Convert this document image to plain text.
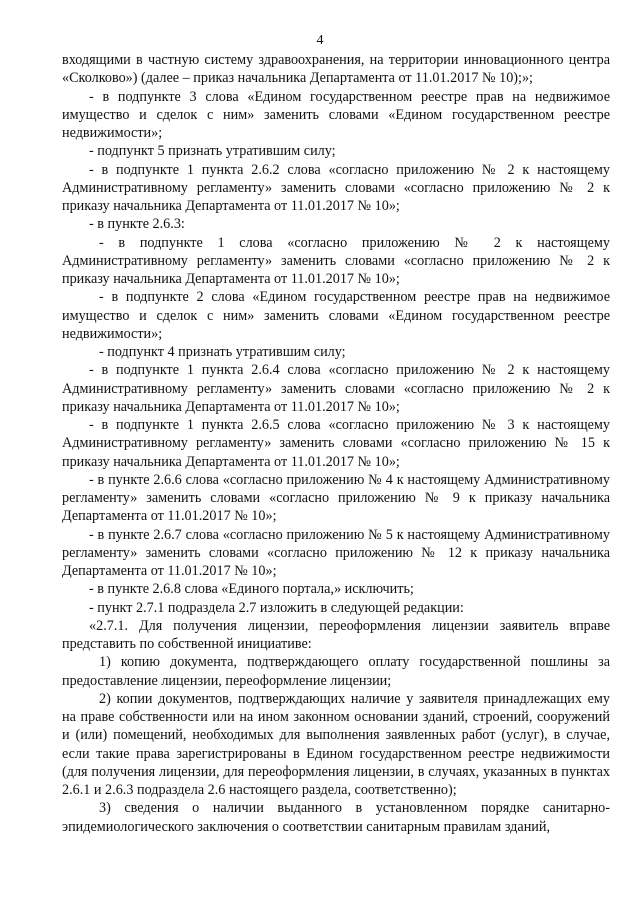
4

входящими в частную систему здравоохранения, на территории инновационного центра «Сколково») (далее – приказ начальника Департамента от 11.01.2017 № 10);»;

- в подпункте 3 слова «Едином государственном реестре прав на недвижимое имущество и сделок с ним» заменить словами «Едином государственном реестре недвижимости»;

- подпункт 5 признать утратившим силу;

- в подпункте 1 пункта 2.6.2 слова «согласно приложению № 2 к настоящему Административному регламенту» заменить словами «согласно приложению № 2 к приказу начальника Департамента от 11.01.2017 № 10»;

- в пункте 2.6.3:

- в подпункте 1 слова «согласно приложению № 2 к настоящему Административному регламенту» заменить словами «согласно приложению № 2 к приказу начальника Департамента от 11.01.2017 № 10»;

- в подпункте 2 слова «Едином государственном реестре прав на недвижимое имущество и сделок с ним» заменить словами «Едином государственном реестре недвижимости»;

- подпункт 4 признать утратившим силу;

- в подпункте 1 пункта 2.6.4 слова «согласно приложению № 2 к настоящему Административному регламенту» заменить словами «согласно приложению № 2 к приказу начальника Департамента от 11.01.2017 № 10»;

- в подпункте 1 пункта 2.6.5 слова «согласно приложению № 3 к настоящему Административному регламенту» заменить словами «согласно приложению № 15 к приказу начальника Департамента от 11.01.2017 № 10»;

- в пункте 2.6.6 слова «согласно приложению № 4 к настоящему Административному регламенту» заменить словами «согласно приложению № 9 к приказу начальника Департамента от 11.01.2017 № 10»;

- в пункте 2.6.7 слова «согласно приложению № 5 к настоящему Административному регламенту» заменить словами «согласно приложению № 12 к приказу начальника Департамента от 11.01.2017 № 10»;

- в пункте 2.6.8 слова «Единого портала,» исключить;

- пункт 2.7.1 подраздела 2.7 изложить в следующей редакции:

«2.7.1. Для получения лицензии, переоформления лицензии заявитель вправе представить по собственной инициативе:

1) копию документа, подтверждающего оплату государственной пошлины за предоставление лицензии, переоформление лицензии;

2) копии документов, подтверждающих наличие у заявителя принадлежащих ему на праве собственности или на ином законном основании зданий, строений, сооружений и (или) помещений, необходимых для выполнения заявленных работ (услуг), в случае, если такие права зарегистрированы в Едином государственном реестре недвижимости (для получения лицензии, для переоформления лицензии, в случаях, указанных в пунктах 2.6.1 и 2.6.3 подраздела 2.6 настоящего раздела, соответственно);

3) сведения о наличии выданного в установленном порядке санитарно-эпидемиологического заключения о соответствии санитарным правилам зданий,
